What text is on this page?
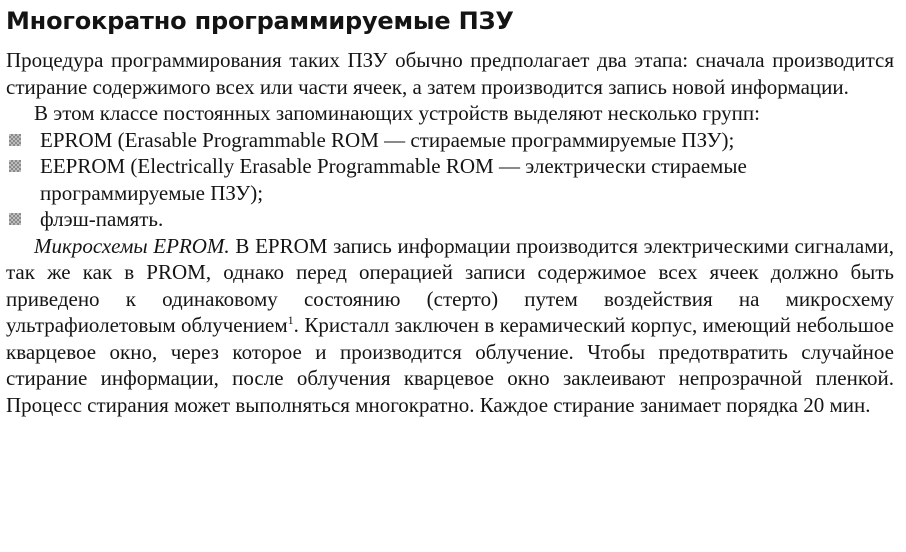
Многократно программируемые ПЗУ

Процедура программирования таких ПЗУ обычно предполагает два этапа: сначала производится стирание содержимого всех или части ячеек, а затем производится запись новой информации.

В этом классе постоянных запоминающих устройств выделяют несколько групп:

EPROM (Erasable Programmable ROM — стираемые программируемые ПЗУ);
EEPROM (Electrically Erasable Programmable ROM — электрически стираемые программируемые ПЗУ);
флэш-память.

Микросхемы EPROM. В EPROM запись информации производится электрическими сигналами, так же как в PROM, однако перед операцией записи содержимое всех ячеек должно быть приведено к одинаковому состоянию (стерто) путем воздействия на микросхему ультрафиолетовым облучением$^1$. Кристалл заключен в керамический корпус, имеющий небольшое кварцевое окно, через которое и производится облучение. Чтобы предотвратить случайное стирание информации, после облучения кварцевое окно заклеивают непрозрачной пленкой. Процесс стирания может выполняться многократно. Каждое стирание занимает порядка 20 мин.
